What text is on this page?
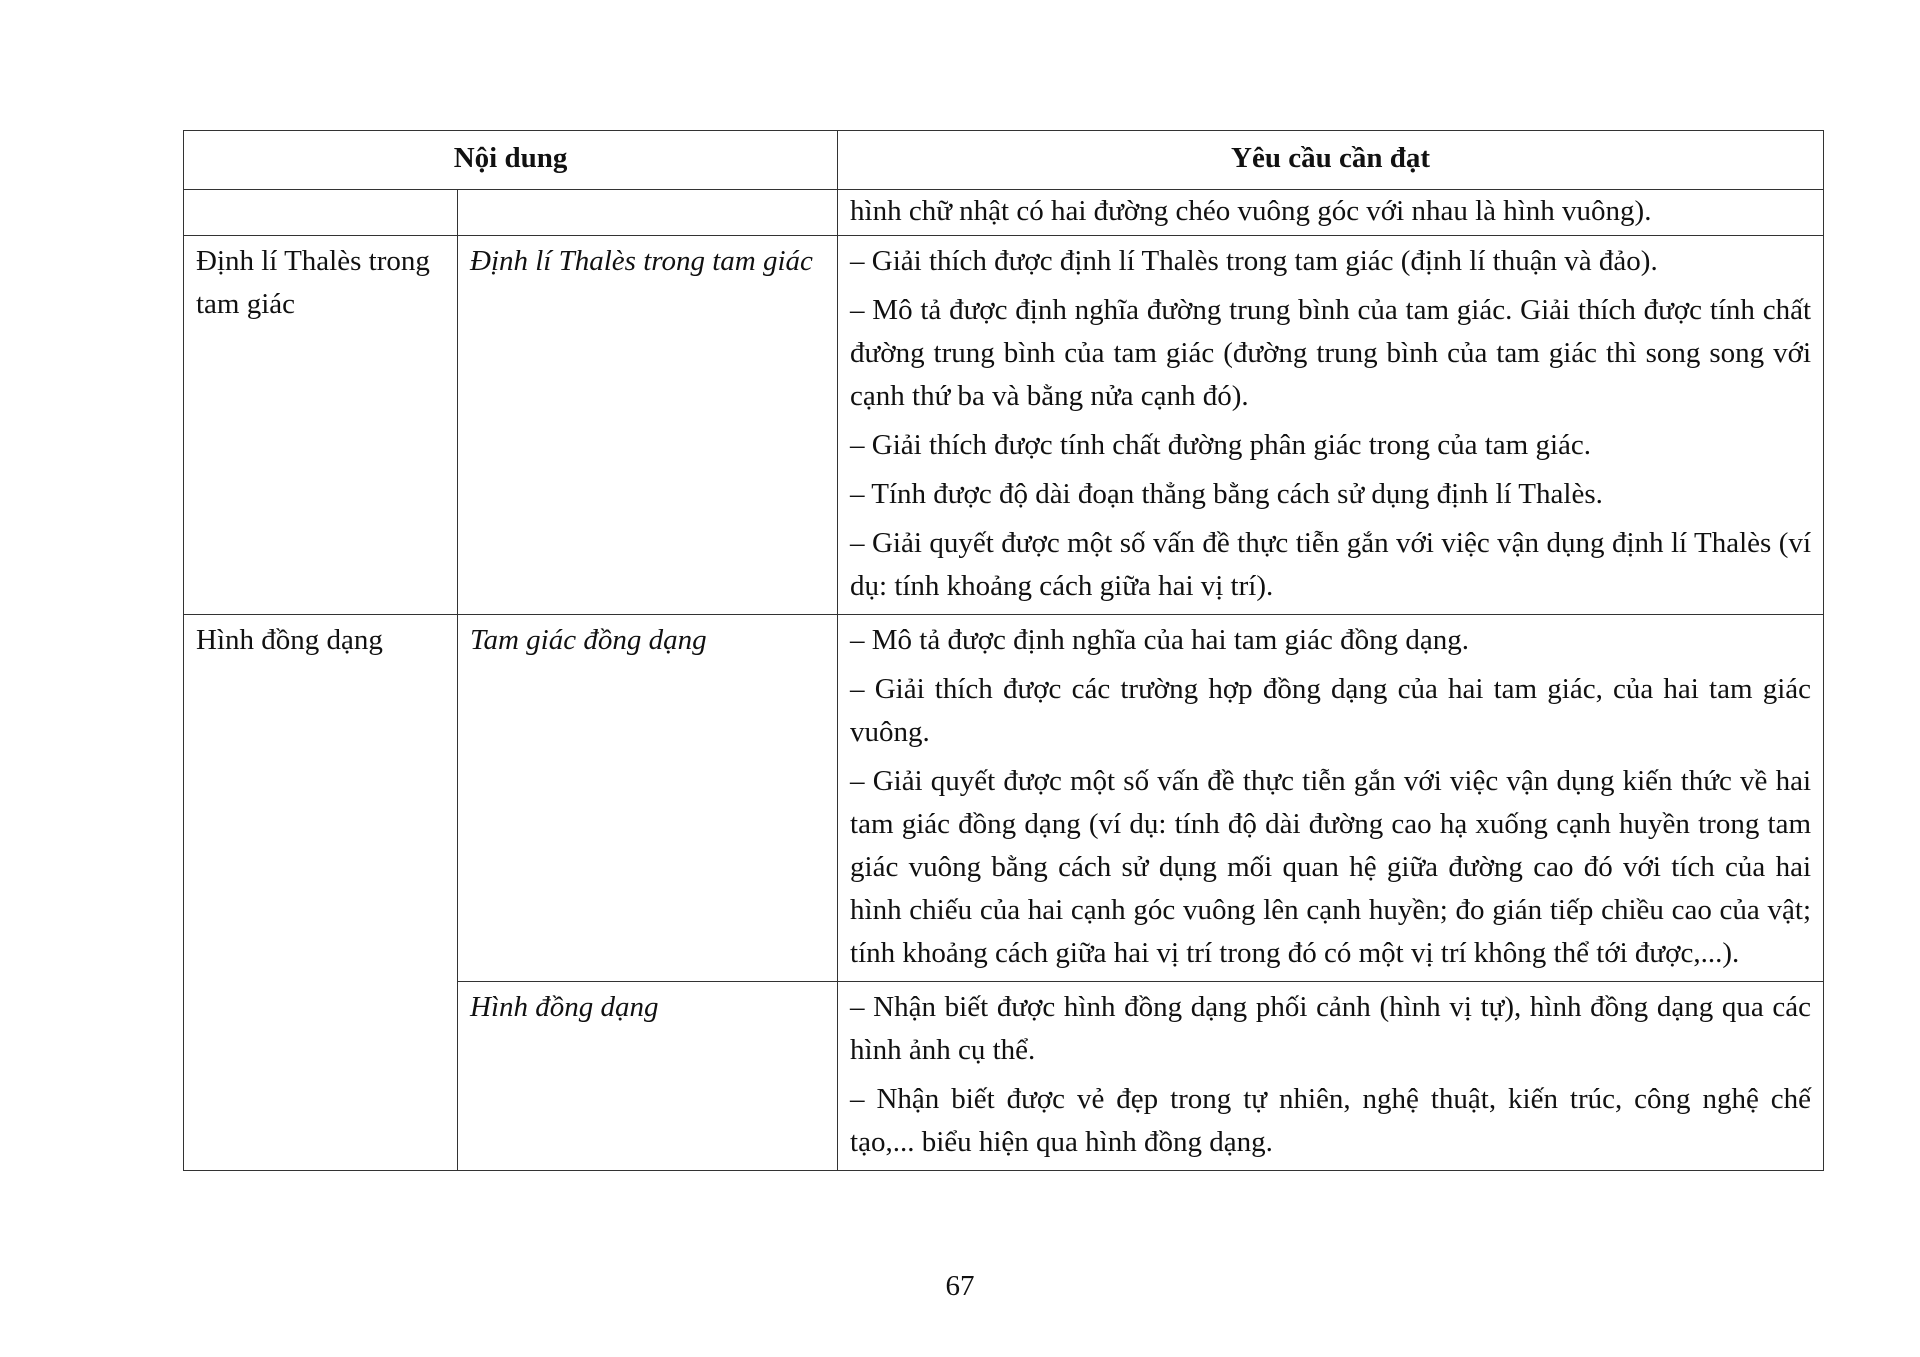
Nội dung		Yêu cầu cần đạt

		hình chữ nhật có hai đường chéo vuông góc với nhau là hình vuông).

Định lí Thalès trong tam giác	Định lí Thalès trong tam giác	– Giải thích được định lí Thalès trong tam giác (định lí thuận và đảo).

– Mô tả được định nghĩa đường trung bình của tam giác. Giải thích được tính chất đường trung bình của tam giác (đường trung bình của tam giác thì song song với cạnh thứ ba và bằng nửa cạnh đó).

– Giải thích được tính chất đường phân giác trong của tam giác.

– Tính được độ dài đoạn thẳng bằng cách sử dụng định lí Thalès.

– Giải quyết được một số vấn đề thực tiễn gắn với việc vận dụng định lí Thalès (ví dụ: tính khoảng cách giữa hai vị trí).

Hình đồng dạng	Tam giác đồng dạng	– Mô tả được định nghĩa của hai tam giác đồng dạng.

– Giải thích được các trường hợp đồng dạng của hai tam giác, của hai tam giác vuông.

– Giải quyết được một số vấn đề thực tiễn gắn với việc vận dụng kiến thức về hai tam giác đồng dạng (ví dụ: tính độ dài đường cao hạ xuống cạnh huyền trong tam giác vuông bằng cách sử dụng mối quan hệ giữa đường cao đó với tích của hai hình chiếu của hai cạnh góc vuông lên cạnh huyền; đo gián tiếp chiều cao của vật; tính khoảng cách giữa hai vị trí trong đó có một vị trí không thể tới được,...).

	Hình đồng dạng	– Nhận biết được hình đồng dạng phối cảnh (hình vị tự), hình đồng dạng qua các hình ảnh cụ thể.

– Nhận biết được vẻ đẹp trong tự nhiên, nghệ thuật, kiến trúc, công nghệ chế tạo,... biểu hiện qua hình đồng dạng.

67
